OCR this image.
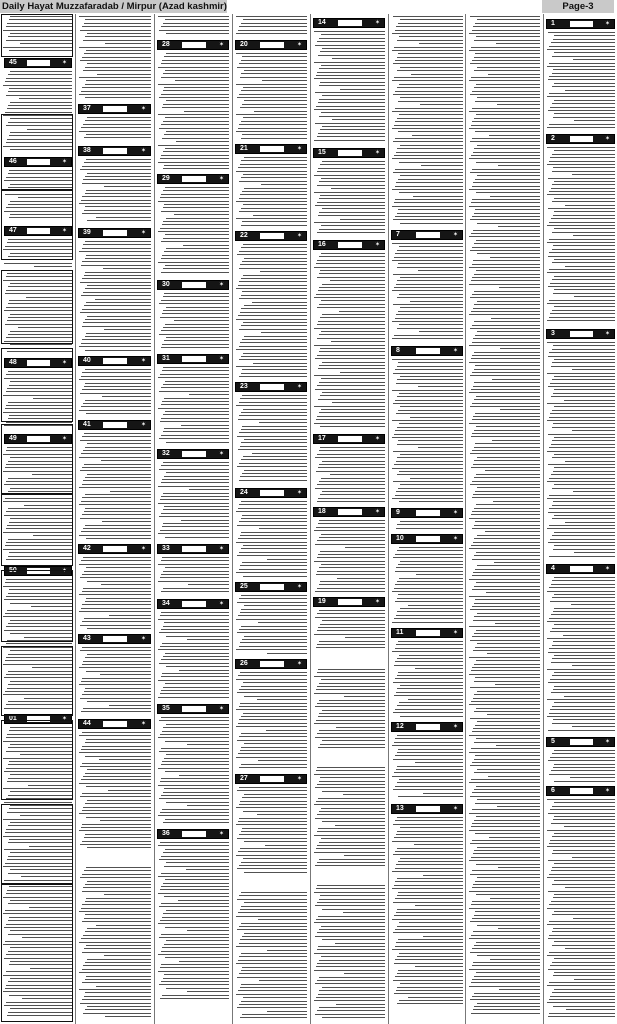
Daily Hayat Muzzafaradab / Mirpur (Azad kashmir)	Page-3
45	✶
46	✶
47	✶
48	✶
49	✶
50	✶
01	✶
37	✶
38	✶
39	✶
40	✶
41	✶
42	✶
43	✶
44	✶
28	✶
29	✶
30	✶
31	✶
32	✶
33	✶
34	✶
35	✶
36	✶
20	✶
21	✶
22	✶
23	✶
24	✶
25	✶
26	✶
27	✶
14	✶
15	✶
16	✶
17	✶
18	✶
19	✶
7	✶
8	✶
9	✶
10	✶
11	✶
12	✶
13	✶
1	✶
2	✶
3	✶
4	✶
5	✶
6	✶
